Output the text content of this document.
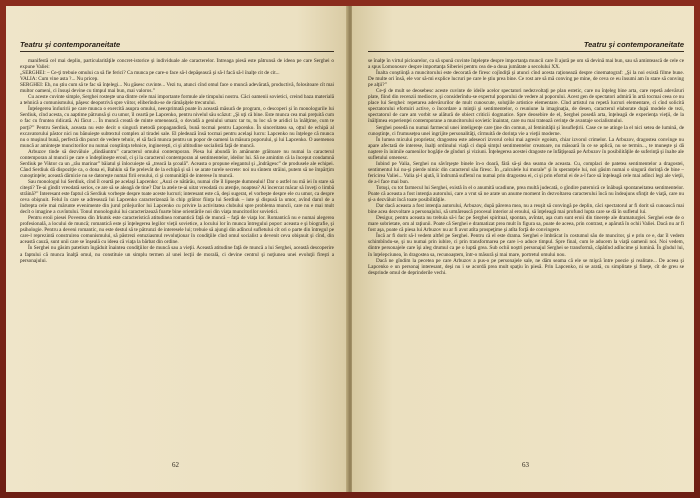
Teatru şi contemporaneitate

manifestă cel mai deplin, particularităţile concret-istorice şi individuale ale caracterelor. Întreaga piesă este pătrunsă de ideea pe care Serghei o expune Valiei:

„SERGHEI: – Ce-ţi trebuie omului ca să fie ferici? Ca munca pe care-o face să-l depăşească şi să-l facă să-l înalţe cit de cit...

VALIA: Cum vine asta ?... Nu pricep.

SERGHEI: Eh, nu ştiu cum să te fac să înţelegi... Nu găsesc cuvinte... Vezi tu, atunci cînd omul face o muncă adevărată, productivă, folositoare cît mai multor oameni, ci însuşi devine cu timpul mai bun, mai valoros.”

Cu aceste cuvinte simple, Serghei rosteşte una dintre cele mai importante formule ale timpului nostru. Căci oamenii sovietici, creind baza materială a tehnică a comunismului, păşesc deopotrivă spre viitor, eliberîndu-se de rămăşiţele trecutului.

Înţelegerea înrîuririi pe care munca o exercită asupra omului, neexprimată poate în această măsură de program, o descoperi şi în monologurile lui Serdiuk, cînd acesta, cu aaptime pătrunsă şi cu umor, îl ceartă pe Lapcenko, pentru nivelul său scăzut: „Şi uţi că bine. Este munca cea mai preţuită cum o fac cu fruntea ridicată. Ai făcut ... În muncă creată de minte omenească, o dovadă a geniului uman: tar tu, tu loc să te aridici la înălţime, cum te porţi?” Pentru Serdiuk, aceasta nu este decit o singură metodă propagandistă, bună tocmai pentru Lapcenko. În sinceritatea sa, oţtul de echipă al excavatorului păstor nici nu bănuieşte subtextul complex al tiradei sale. El pledează însă tocmai pentru acelaşi lucru: Lapcenko nu înţelege că munca nu o muşinul bună, perfectă din punct de vedere tehnic, el să facă munca pentru un popor de oameni la măsura poporului, şi lui Lapcenko. O asemenea muncă ar aminteşte muncitorilor nu numai conştiinţa tehnice, inginereşti, ci şi altitudine socialistă faţă de muncă.

Arbuzov tinde să dezvăluie „dindăuntru” caracterul omului contemporan. Piesa lui abundă în amănunte grăitoare nu numai la caracterul contemporan al muncii pe care o îndeplineşte eroul, ci şi la caracterul contemporan al sentimentelor, ideilor lui. Să ne amintim că la început condamnă Serdiuk pe Viktor ca un „rău marinar” băiatul şi înlocuieşte să „treacă la şcoală”. Aceasta o propune elegantul şi „îndrăgesc” de produsele ale echipei. Când Serdiuk dă dispoziţie ca, o dona ei, Bahkin să fie prelevăt de la echipă şi să i se arate turele secrete: noi nu sîntem străini, putem să ne împărţim cunoştinţele; această dărnicie nu se datoreşte numai firii eroului, ci şi comunităţii de interese în muncă.

Sau monologul lui Serdiuk, cînd îl ceartă pe acelaşi Lapcenko: „Auzi ce nătărău, numai cîte îl lipseşte dumnealui! Dar o astfel nu mă iei în stare să citeşti? Te-ai gîndit vreodată serios, ce are să se aleagă de tine? Dar la atele te-ai uitat vreodată cu atenţie, noaptea? Ai încercat măcar să înveţi o limbă străină?” Interesant este faptul că Serdiuk vorbeşte despre toate aceste lucruri; interesant este că, deşi sugerat, el vorbeşte despre ele cu umor, ca despre ceva obişnuit. Felul în care se adresează lui Lapcenko caracterizează în chip grăitor fiinţa lui Serdiuk – iute şi dispusă la umor, avînd darul de a îndrepta cele mai mărunte evenimente din jurul prilejurilor lui Lapcenko cu privire la activitatea clubului spre problema muncii, care nu e mai mult decît o imagine a cuvîntului. Tonul monologului lui caracterizează foarte bine orientările noi din viaţa muncitorilor sovietici.

Pentru eroii piesei Povestea din Irkutsk este caracteristică atitudinea romantică faţă de muncă – faţă de viaţa lor. Romantică nu e numai alegerea profesională, a locului de muncă; romantică este şi înţelegerea legilor vieţii sovietice, a locului lor în munca întregului popor: aceasta e şi biografie, şi psihologie. Pentru a deveni romantic, nu este destul să te pătrunzi de interesele lui; trebuie să ajungi din adîncul sufletului cît ori o parte din întregul pe care-l reprezintă construirea comunismului, să păstrezi entuziasmul revoluţionar în condiţiile cînd omul socialist a devenit ceva obişnuit şi cînd, din această cauză, sunt unii care se înşeală cu ideea că viaţa la bărbat din ordine.

În Serghei nu găsim patetism îngăduit înaintea condiţiilor de muncă sau a vieţii. Această atitudine faţă de muncă a lui Serghei, această descoperire a faptului că munca înalţă omul, nu constituie un simplu termen al unei lecţii de morală, ci devine centrul şi noţiunea unei evoluţii fireşti a personajului.

62
Teatru şi contemporaneitate

se înalţe în virtul picioarelor, ca să spună cuvinte înţelepte despre importanţa muncii care îl ajută pe om să devină mai bun, sau să amintească de cele ce a spus Lomonosov despre importanţa Siberiei pentru cea de-a doua jumătate a secolului XX.

Înalta conştiinţă a muncitorului este decorată de firesc cojîndiţă şi atunci cînd acesta raţionează despre cinematograf: „Şi la noi există filme bune. De multe ori însă, ele vor să-mi explice lucruri pe care le ştiu prea bine. Ce rost are să mă conving pe mine, de ceva ce eu însumi am în stare să conving pe alţii?”

Ce-ţi de mult se deosebesc aceste cuvinte de ideile acelor spectatori nedezvoltaţi pe plan estetic, care nu înţeleg bine arta, care repetă adevăruri plate, fiind din recenzii mediocre, şi considerîndu-se expertul poporului de vedere al poporului. Acest gen de spectatori admiră în artă tocmai ceea ce nu place lui Serghei: repetarea adevărurilor de mult cunoscute, soluţiile artistice elementare. Cînd artistul nu repetă lucruri elementare, ci cînd solicită spectatorului efortuiri active, o încordare a minţii şi sentimentelor, o reuniune la imaginaţia, de desen, caracterul elaborate după modele de tezi, spectatorul de care am vorbit se alătură de obiect criticii dogmatice. Spre deosebire de el, Serghei posedă arta, înţeleagă de experienţa vieţii, de la înălţimea experienţei contemporane a muncitorului sovietic înaintat, care nu mai tratează cerinţe de avantaje socialismului.

Serghei posedă nu numai farmecul unei inteligenţe care ţine din comun, al feminităţii şi însufleţirii. Case ce ne atinge la el nici setea de lumină, de cunoştinţe, ci frumuseţea unei ingrijite personalităţi, cîrmuită de dorinţa vie a vieţii moderne.

În lumea micului proprietar, dragostea este adeseori izvorul celui mai agresiv egoism, chiar izvorul crimelor. La Arbuzov, dragostea convinge nu apare afectată de interese, înalţi ordinului viaţă ci după simţul sentimentelor creatoare, nu măsoară în ce se aplică, nu se termin..., te muneşte şi dă naştere în inimile oamenilor bogăţie de gînduri şi viziuni. Înţelegerea acestei dragoste ne înfăţişează pe Arbuzov în posibilităţile de suferinţă şi înalte ale sufletului omenesc.

Iubind pe Valia, Serghei nu săvîrşeşte binele în-o doară, fără să-şi dea seama de aceasta. Cu, complaci de patetea sentimentelor a dragostei, sentimentul lui nu-şi pierde nimic din caracterul său firesc. În „calculele lui morale” şi în speranţele lui, noi găsim numai o singură dorinţă de bine – fericirea Valiei... Valia şi-l ajută, îi îndrumă sufletul nu numai prin dragostea ei, ci şi prin efortul ei de a-l face să înţeleagă cele mai adînci legi ale vieţii, de a-l face mai bun.

Totuşi, cu tot farmecul lui Serghei, există în el o anumită ucadiune, prea multă judecată, o gîndire puternică ce înăbuşă spontaneitatea sentimentelor. Poate că aceasta a fost intenţia autorului, care a vrut să ne arate un anume moment în dezvoltarea caracterului încă nu îndeajuns sfinţit de viaţă, care nu şi-a dezvăluit încă toate posibilităţile.

Dar dacă aceasta a fost intenţia autorului, Arbuzov, după părerea mea, nu a reuşit să convingă pe deplin, căci spectatorul ar fi dorit să cunoască mai bine acea dezvoltare a personajului, să urmărească procesul interior al eroului, să înţeleagă mai profund lupta care se dă în sufletul lui.

Desigur, pentru aceasta nu trebuia să-i fac pe Serghei spiritual, spontan, avîntat, aşa cum sunt eroii din tinereţe ale dramaturgiei. Serghei este de o mare sobrietate, om al raţiunii. Poate că Serghei e dramatizat prea mult în figura sa, poate de aceea, prin contrast, e apărută în ochii Valiei. Dacă nu ar fi fost aşa, poate că piesa lui Arbuzov nu ar fi avut atîta prospeţime şi atîta forţă de convingere.

Încă ar fi dorit să-l vedem altfel pe Serghei. Pentru că el este drama. Serghei e îmbrăcat în costumul său de muncitor, şi e prin ce e, dar îl vedem schimbîndu-se, şi nu numai prin iubire, ci prin transformarea pe care i-o aduce timpul. Spre final, cum le aducem la viaţă oamenii noi. Noi vedem, dintre personajele care îşi aleg drumul ca pe o luptă grea. Sub ochii noştri personajul Serghei se transformă, căpătînd adîncime şi lumină. În gîndul lui, în înţelepciunea, în dragostea sa, recunoaştem, într-o măsură şi mai mare, portretul omului nou.

Dacă ne gîndim la pecetea pe care Arbuzov a pus-o pe personajele sale, ne dăm seama că ele se mişcă între poezie şi realitate... De aceea şi Lapcenko e un personaj interesant, deşi nu i se acordă prea mult spaţiu în piesă. Prin Lapcenko, ni se arată, cu simplitate şi fineţe, cît de greu se desprinde omul de deprinderile vechi.

63
